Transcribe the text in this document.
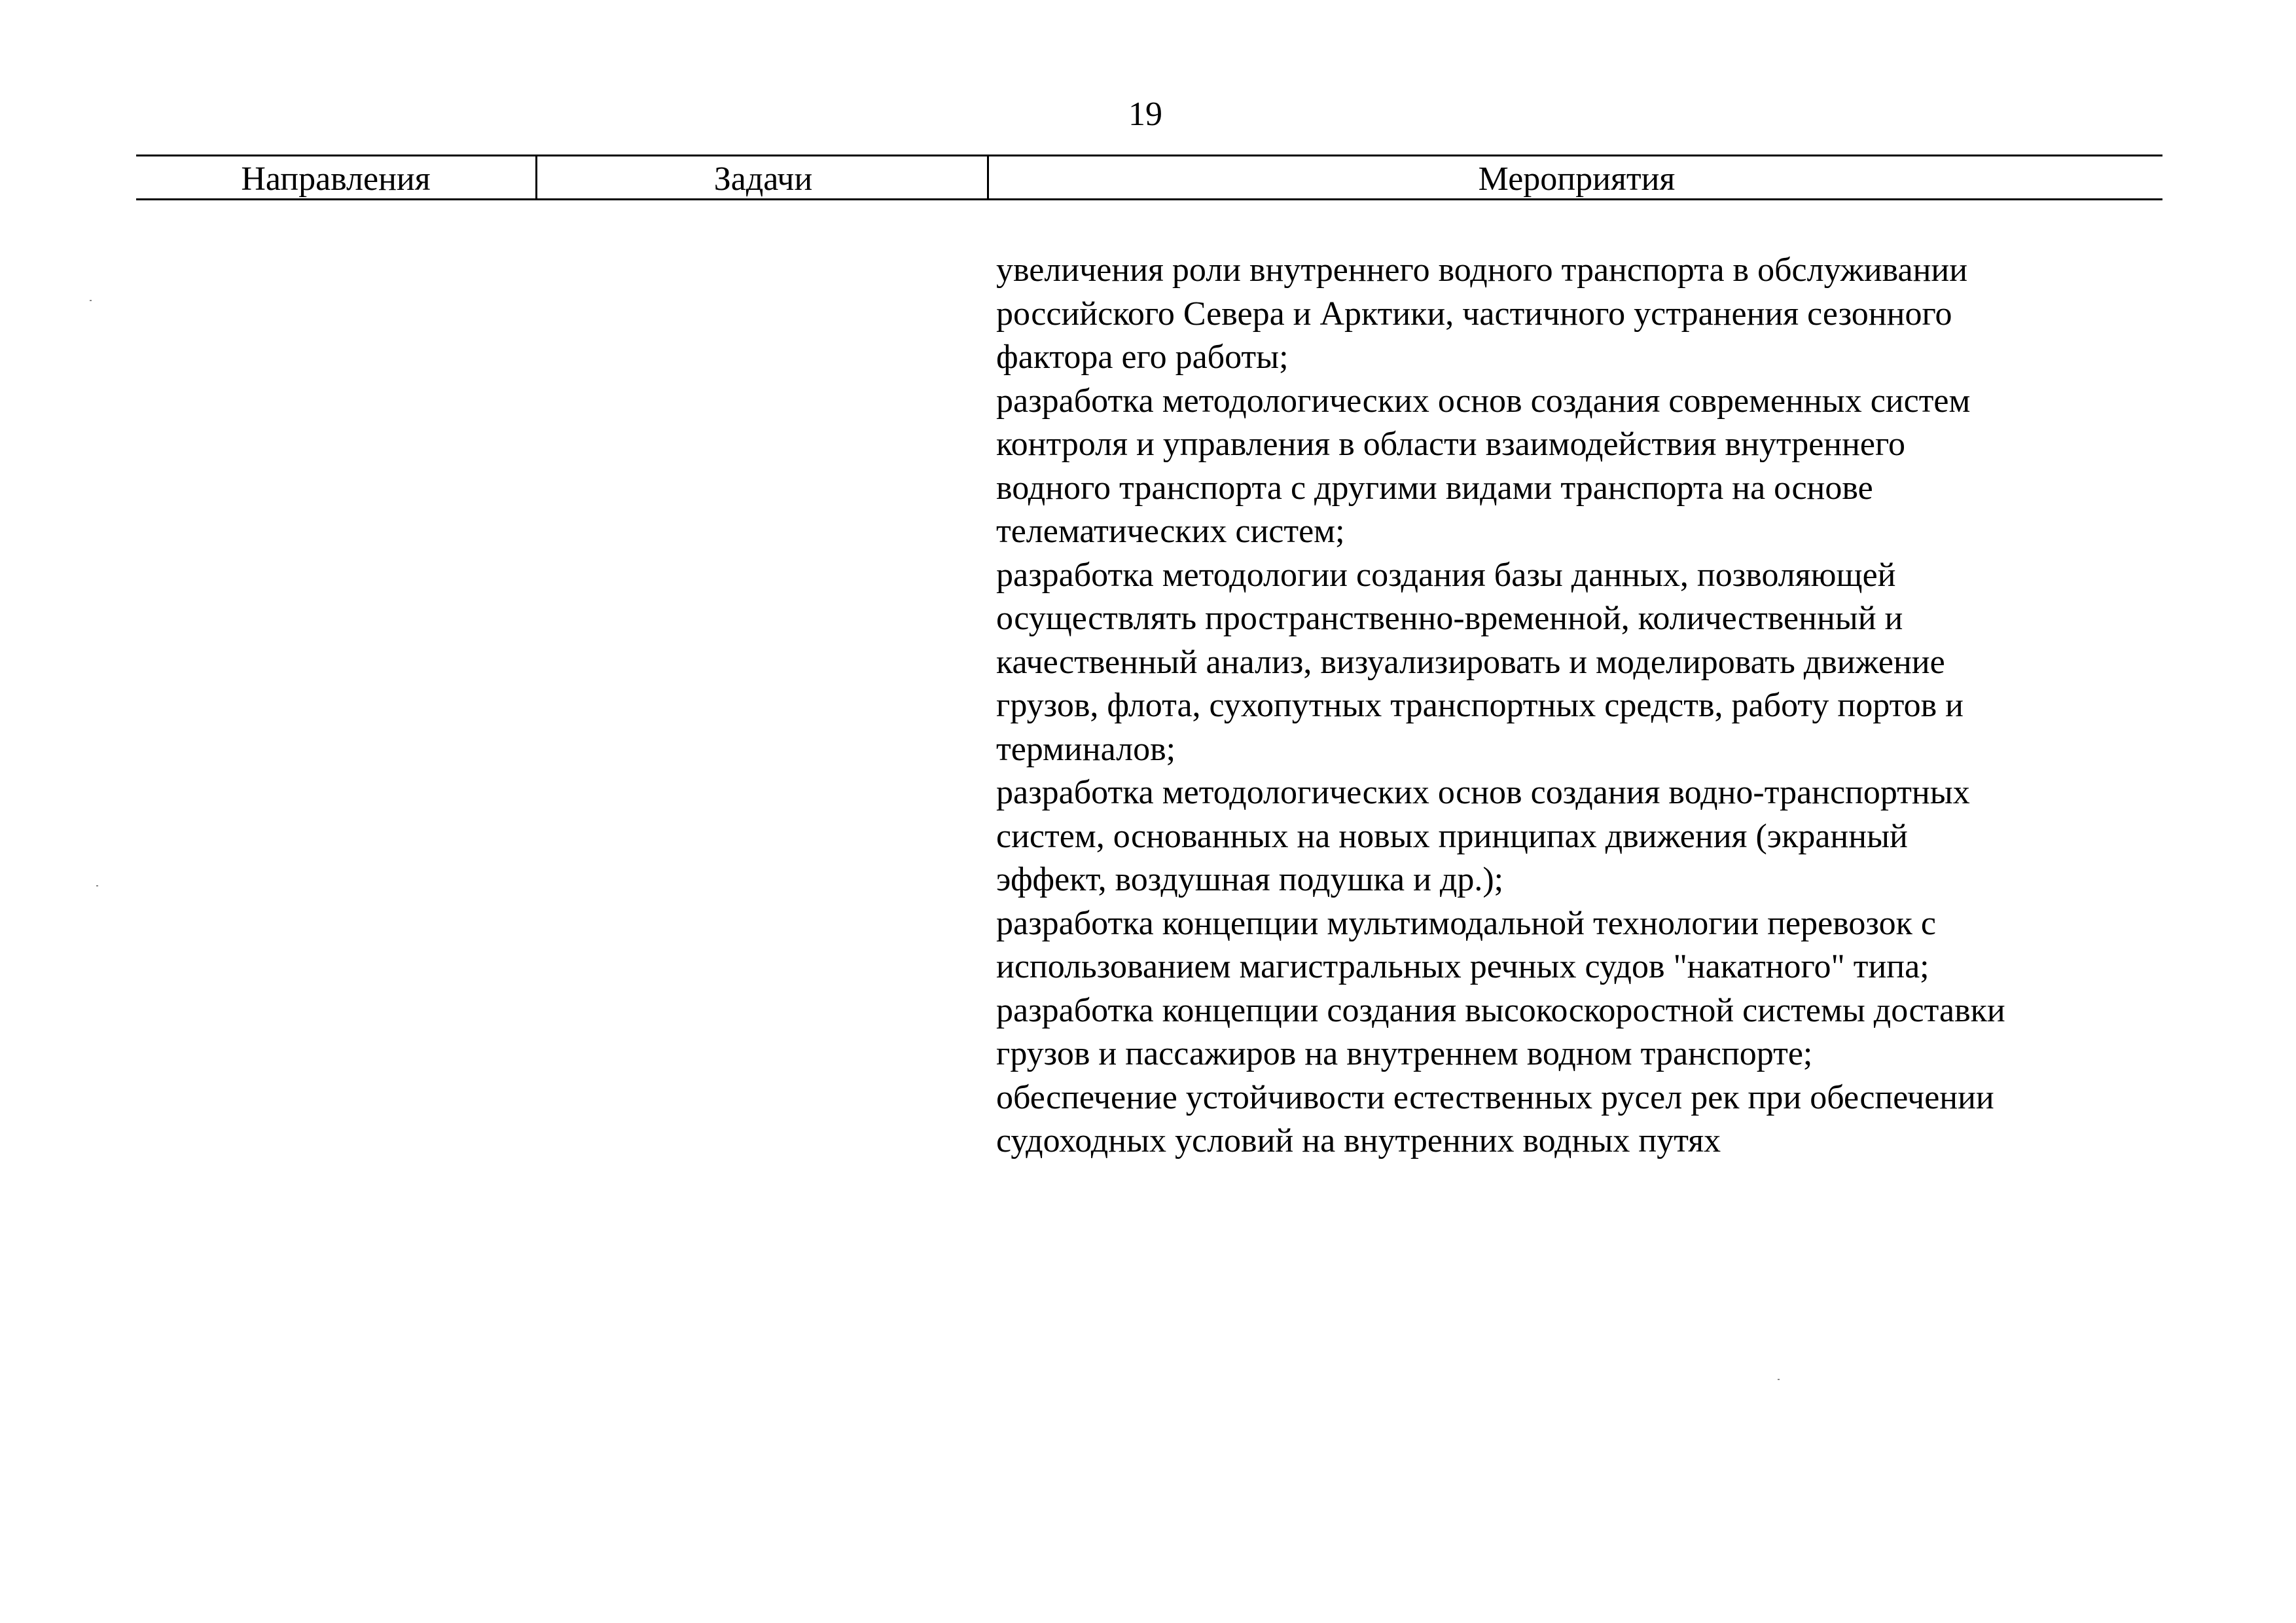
19
Направления	Задачи	Мероприятия
увеличения роли внутреннего водного транспорта в обслуживании
российского Севера и Арктики, частичного устранения сезонного
фактора его работы;
разработка методологических основ создания современных систем
контроля и управления в области взаимодействия внутреннего
водного транспорта с другими видами транспорта на основе
телематических систем;
разработка методологии создания базы данных, позволяющей
осуществлять пространственно-временной, количественный и
качественный анализ, визуализировать и моделировать движение
грузов, флота, сухопутных транспортных средств, работу портов и
терминалов;
разработка методологических основ создания водно-транспортных
систем, основанных на новых принципах движения (экранный
эффект, воздушная подушка и др.);
разработка концепции мультимодальной технологии перевозок с
использованием магистральных речных судов "накатного" типа;
разработка концепции создания высокоскоростной системы доставки
грузов и пассажиров на внутреннем водном транспорте;
обеспечение устойчивости естественных русел рек при обеспечении
судоходных условий на внутренних водных путях
